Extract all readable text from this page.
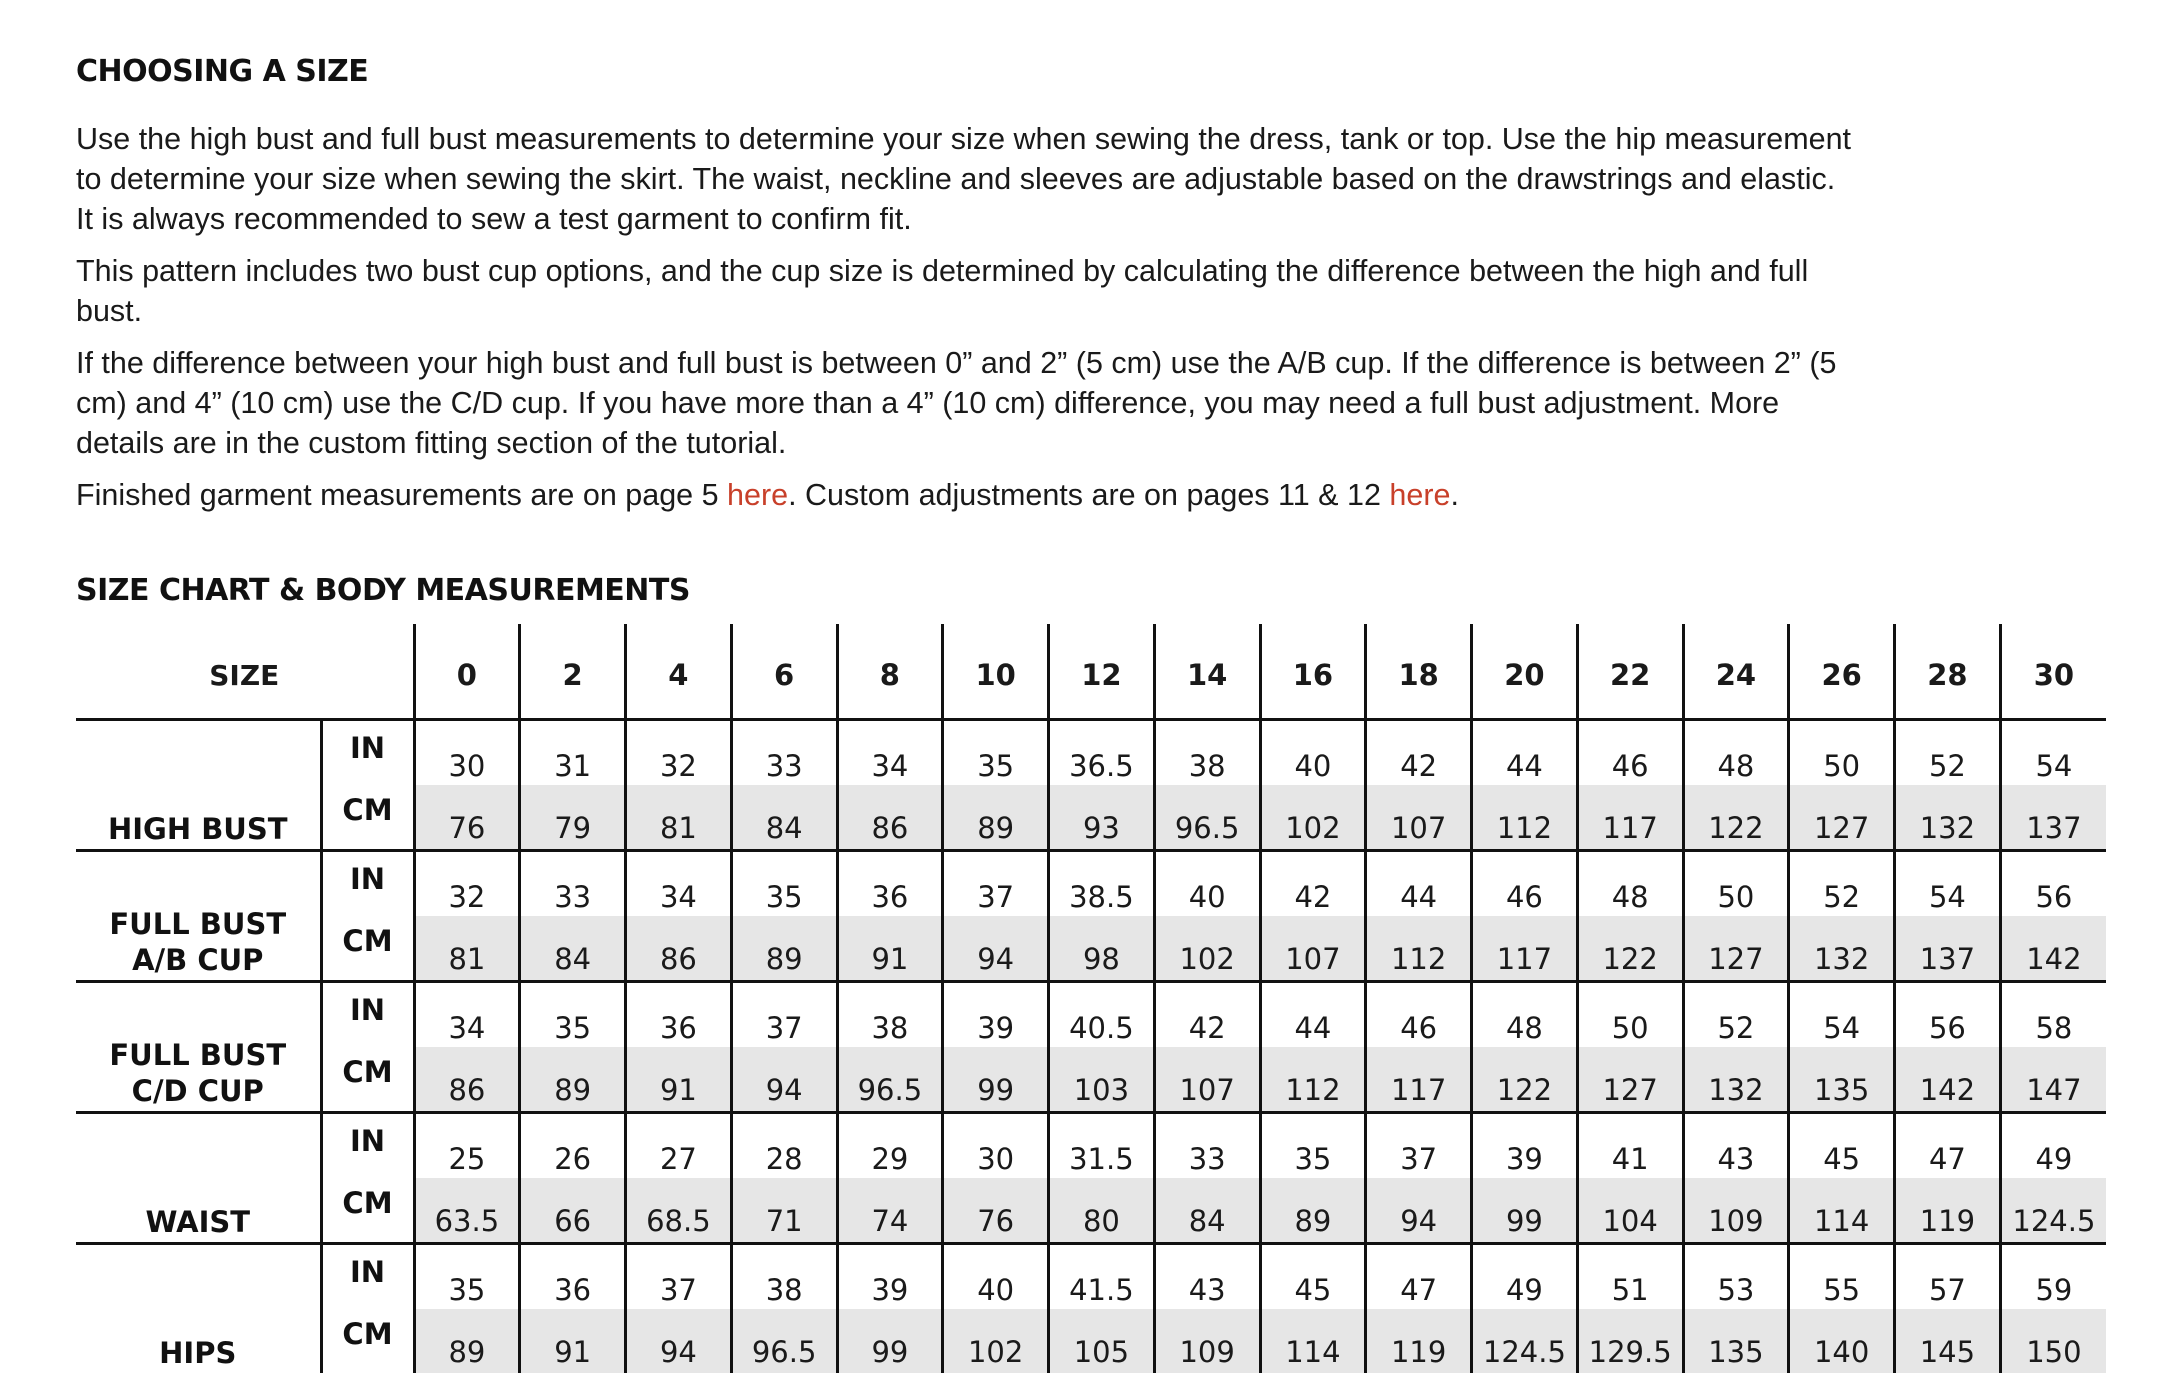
CHOOSING A SIZE

Use the high bust and full bust measurements to determine your size when sewing the dress, tank or top. Use the hip measurement to determine your size when sewing the skirt. The waist, neckline and sleeves are adjustable based on the drawstrings and elastic. It is always recommended to sew a test garment to confirm fit.

This pattern includes two bust cup options, and the cup size is determined by calculating the difference between the high and full bust.

If the difference between your high bust and full bust is between 0” and 2” (5 cm) use the A/B cup. If the difference is between 2” (5 cm) and 4” (10 cm) use the C/D cup. If you have more than a 4” (10 cm) difference, you may need a full bust adjustment. More details are in the custom fitting section of the tutorial.

Finished garment measurements are on page 5 here. Custom adjustments are on pages 11 & 12 here.

SIZE CHART & BODY MEASUREMENTS
SIZE		0	2	4	6	8	10	12	14	16	18	20	22	24	26	28	30

HIGH BUST	IN	30	31	32	33	34	35	36.5	38	40	42	44	46	48	50	52	54
	CM	76	79	81	84	86	89	93	96.5	102	107	112	117	122	127	132	137

FULL BUST
A/B CUP	IN	32	33	34	35	36	37	38.5	40	42	44	46	48	50	52	54	56
	CM	81	84	86	89	91	94	98	102	107	112	117	122	127	132	137	142

FULL BUST
C/D CUP	IN	34	35	36	37	38	39	40.5	42	44	46	48	50	52	54	56	58
	CM	86	89	91	94	96.5	99	103	107	112	117	122	127	132	135	142	147

WAIST	IN	25	26	27	28	29	30	31.5	33	35	37	39	41	43	45	47	49
	CM	63.5	66	68.5	71	74	76	80	84	89	94	99	104	109	114	119	124.5

HIPS	IN	35	36	37	38	39	40	41.5	43	45	47	49	51	53	55	57	59
	CM	89	91	94	96.5	99	102	105	109	114	119	124.5	129.5	135	140	145	150
